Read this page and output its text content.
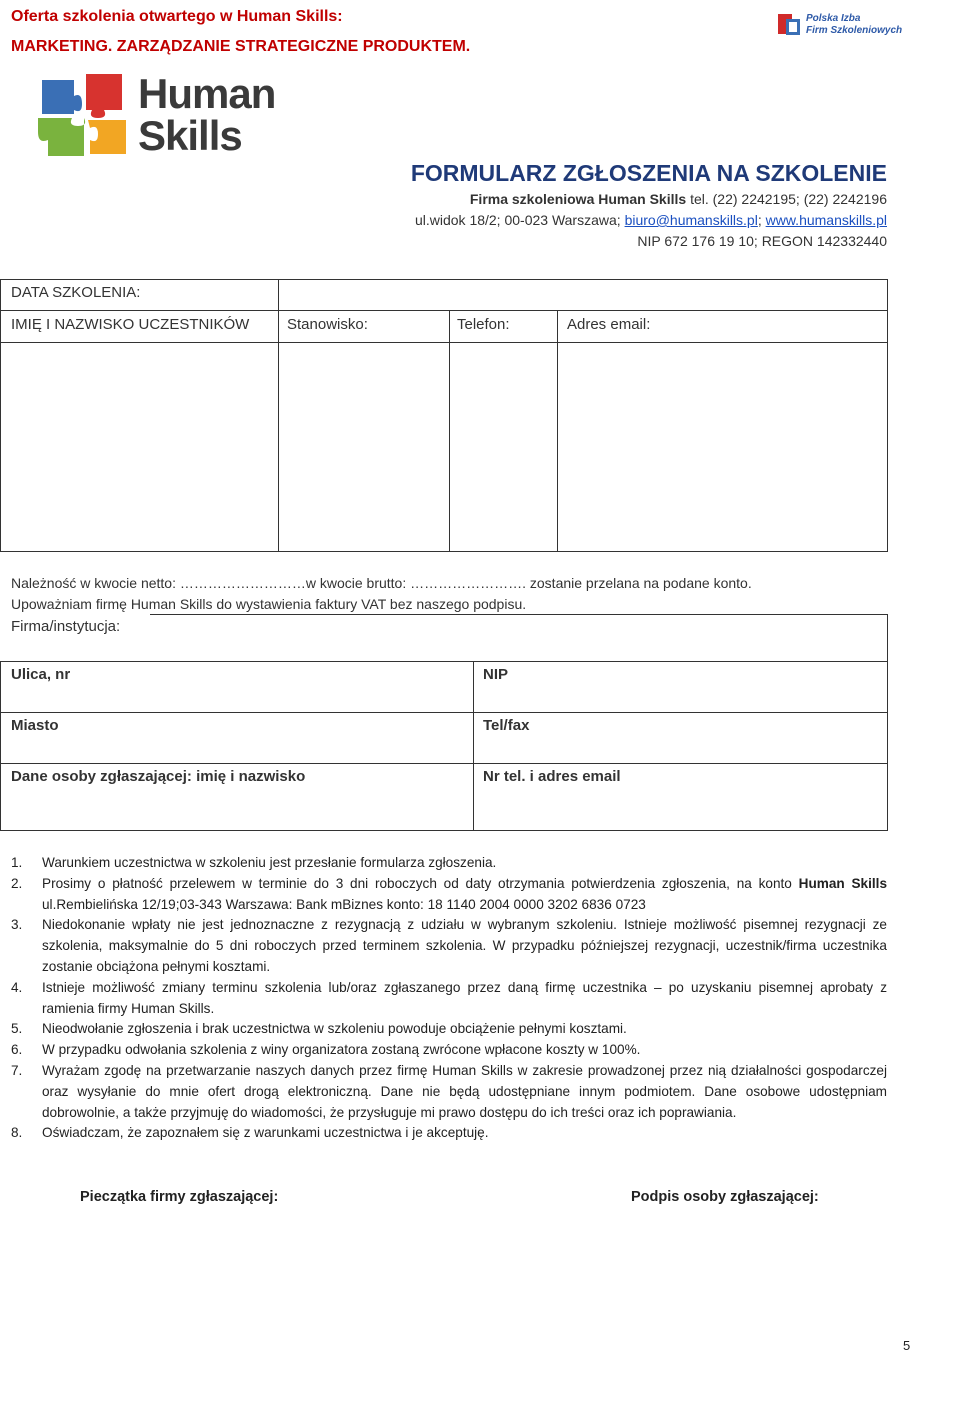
Oferta szkolenia otwartego w Human Skills:
MARKETING. ZARZĄDZANIE STRATEGICZNE PRODUKTEM.
Polska Izba
Firm Szkoleniowych
Human
Skills
FORMULARZ ZGŁOSZENIA NA SZKOLENIE
Firma szkoleniowa Human Skills tel. (22) 2242195; (22) 2242196
ul.widok 18/2; 00-023 Warszawa; biuro@humanskills.pl; www.humanskills.pl
NIP 672 176 19 10; REGON 142332440
DATA SZKOLENIA:
IMIĘ I NAZWISKO UCZESTNIKÓW	Stanowisko:	Telefon:	Adres email:
Należność w kwocie netto: ………………………w kwocie brutto: ……………………. zostanie przelana na podane konto.
Upoważniam firmę Human Skills do wystawienia faktury VAT bez naszego podpisu.
Firma/instytucja:
Ulica, nr	NIP
Miasto	Tel/fax
Dane osoby zgłaszającej: imię i nazwisko	Nr tel. i adres email
1. Warunkiem uczestnictwa w szkoleniu jest przesłanie formularza zgłoszenia.
2. Prosimy o płatność przelewem w terminie do 3 dni roboczych od daty otrzymania potwierdzenia zgłoszenia, na konto Human Skills ul.Rembielińska 12/19;03-343 Warszawa: Bank mBiznes konto: 18 1140 2004 0000 3202 6836 0723
3. Niedokonanie wpłaty nie jest jednoznaczne z rezygnacją z udziału w wybranym szkoleniu. Istnieje możliwość pisemnej rezygnacji ze szkolenia, maksymalnie do 5 dni roboczych przed terminem szkolenia. W przypadku późniejszej rezygnacji, uczestnik/firma uczestnika zostanie obciążona pełnymi kosztami.
4. Istnieje możliwość zmiany terminu szkolenia lub/oraz zgłaszanego przez daną firmę uczestnika – po uzyskaniu pisemnej aprobaty z ramienia firmy Human Skills.
5. Nieodwołanie zgłoszenia i brak uczestnictwa w szkoleniu powoduje obciążenie pełnymi kosztami.
6. W przypadku odwołania szkolenia z winy organizatora zostaną zwrócone wpłacone koszty w 100%.
7. Wyrażam zgodę na przetwarzanie naszych danych przez firmę Human Skills w zakresie prowadzonej przez nią działalności gospodarczej oraz wysyłanie do mnie ofert drogą elektroniczną. Dane nie będą udostępniane innym podmiotem. Dane osobowe udostępniam dobrowolnie, a także przyjmuję do wiadomości, że przysługuje mi prawo dostępu do ich treści oraz ich poprawiania.
8. Oświadczam, że zapoznałem się z warunkami uczestnictwa i je akceptuję.
Pieczątka firmy zgłaszającej:	Podpis osoby zgłaszającej:
5
